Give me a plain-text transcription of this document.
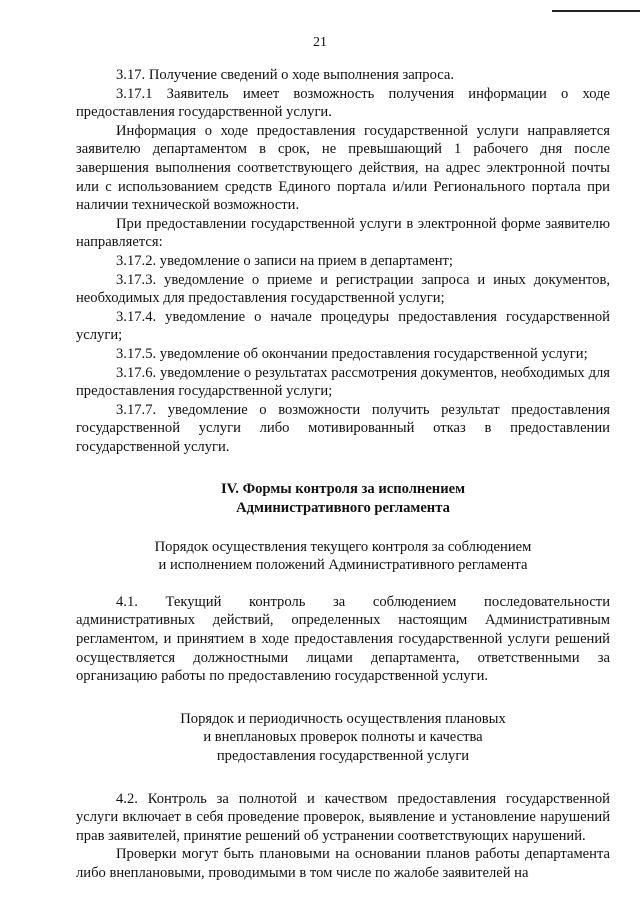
21

3.17. Получение сведений о ходе выполнения запроса.

3.17.1 Заявитель имеет возможность получения информации о ходе предоставления государственной услуги.

Информация о ходе предоставления государственной услуги направляется заявителю департаментом в срок, не превышающий 1 рабочего дня после завершения выполнения соответствующего действия, на адрес электронной почты или с использованием средств Единого портала и/или Регионального портала при наличии технической возможности.

При предоставлении государственной услуги в электронной форме заявителю направляется:

3.17.2. уведомление о записи на прием в департамент;

3.17.3. уведомление о приеме и регистрации запроса и иных документов, необходимых для предоставления государственной услуги;

3.17.4. уведомление о начале процедуры предоставления государственной услуги;

3.17.5. уведомление об окончании предоставления государственной услуги;

3.17.6. уведомление о результатах рассмотрения документов, необходимых для предоставления государственной услуги;

3.17.7. уведомление о возможности получить результат предоставления государственной услуги либо мотивированный отказ в предоставлении государственной услуги.

IV. Формы контроля за исполнением
Административного регламента

Порядок осуществления текущего контроля за соблюдением
и исполнением положений Административного регламента

4.1. Текущий контроль за соблюдением последовательности административных действий, определенных настоящим Административным регламентом, и принятием в ходе предоставления государственной услуги решений осуществляется должностными лицами департамента, ответственными за организацию работы по предоставлению государственной услуги.

Порядок и периодичность осуществления плановых
и внеплановых проверок полноты и качества
предоставления государственной услуги

4.2. Контроль за полнотой и качеством предоставления государственной услуги включает в себя проведение проверок, выявление и установление нарушений прав заявителей, принятие решений об устранении соответствующих нарушений.

Проверки могут быть плановыми на основании планов работы департамента либо внеплановыми, проводимыми в том числе по жалобе заявителей на
